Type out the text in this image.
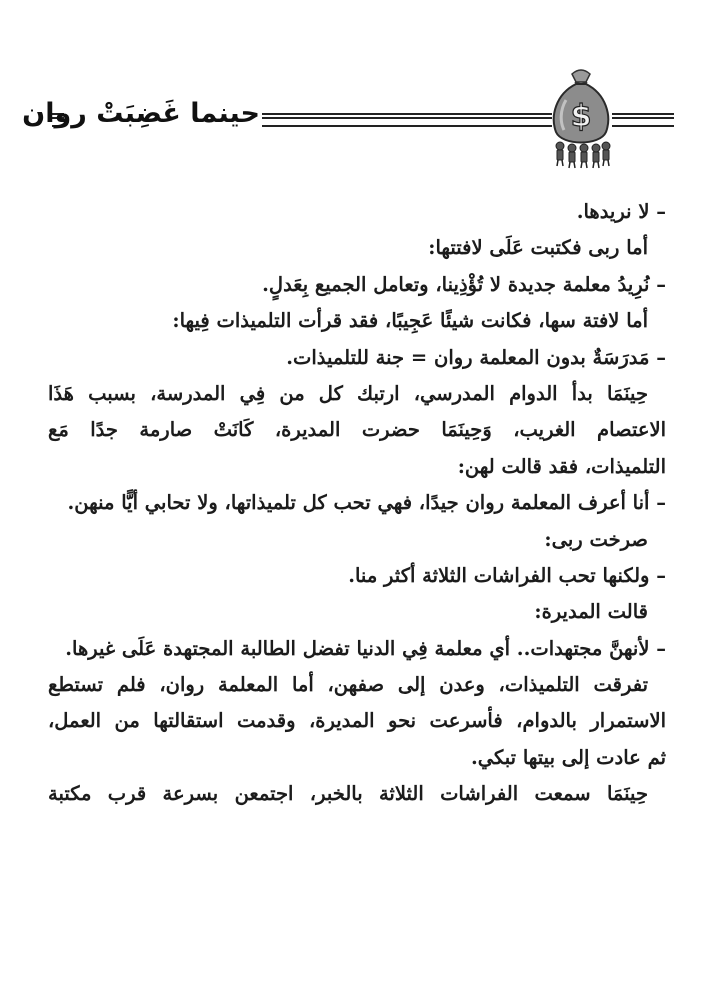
حينما غَضِبَتْ روان	$
– لا نريدها.
أما ربى فكتبت عَلَى لافتتها:
– نُرِيدُ معلمة جديدة لا تُؤْذِينا، وتعامل الجميع بِعَدلٍ.
أما لافتة سها، فكانت شيئًا عَجِيبًا، فقد قرأت التلميذات فِيها:
– مَدرَسَةٌ بدون المعلمة روان = جنة للتلميذات.
حِينَمَا بدأ الدوام المدرسي، ارتبك كل من فِي المدرسة، بسبب هَذَا
الاعتصام الغريب، وَحِينَمَا حضرت المديرة، كَانَتْ صارمة جدًا مَع
التلميذات، فقد قالت لهن:
– أنا أعرف المعلمة روان جيدًا، فهي تحب كل تلميذاتها، ولا تحابي أيًّا منهن.
صرخت ربى:
– ولكنها تحب الفراشات الثلاثة أكثر منا.
قالت المديرة:
– لأنهنَّ مجتهدات.. أي معلمة فِي الدنيا تفضل الطالبة المجتهدة عَلَى غيرها.
تفرقت التلميذات، وعدن إلى صفهن، أما المعلمة روان، فلم تستطع
الاستمرار بالدوام، فأسرعت نحو المديرة، وقدمت استقالتها من العمل،
ثم عادت إلى بيتها تبكي.
حِينَمَا سمعت الفراشات الثلاثة بالخبر، اجتمعن بسرعة قرب مكتبة
